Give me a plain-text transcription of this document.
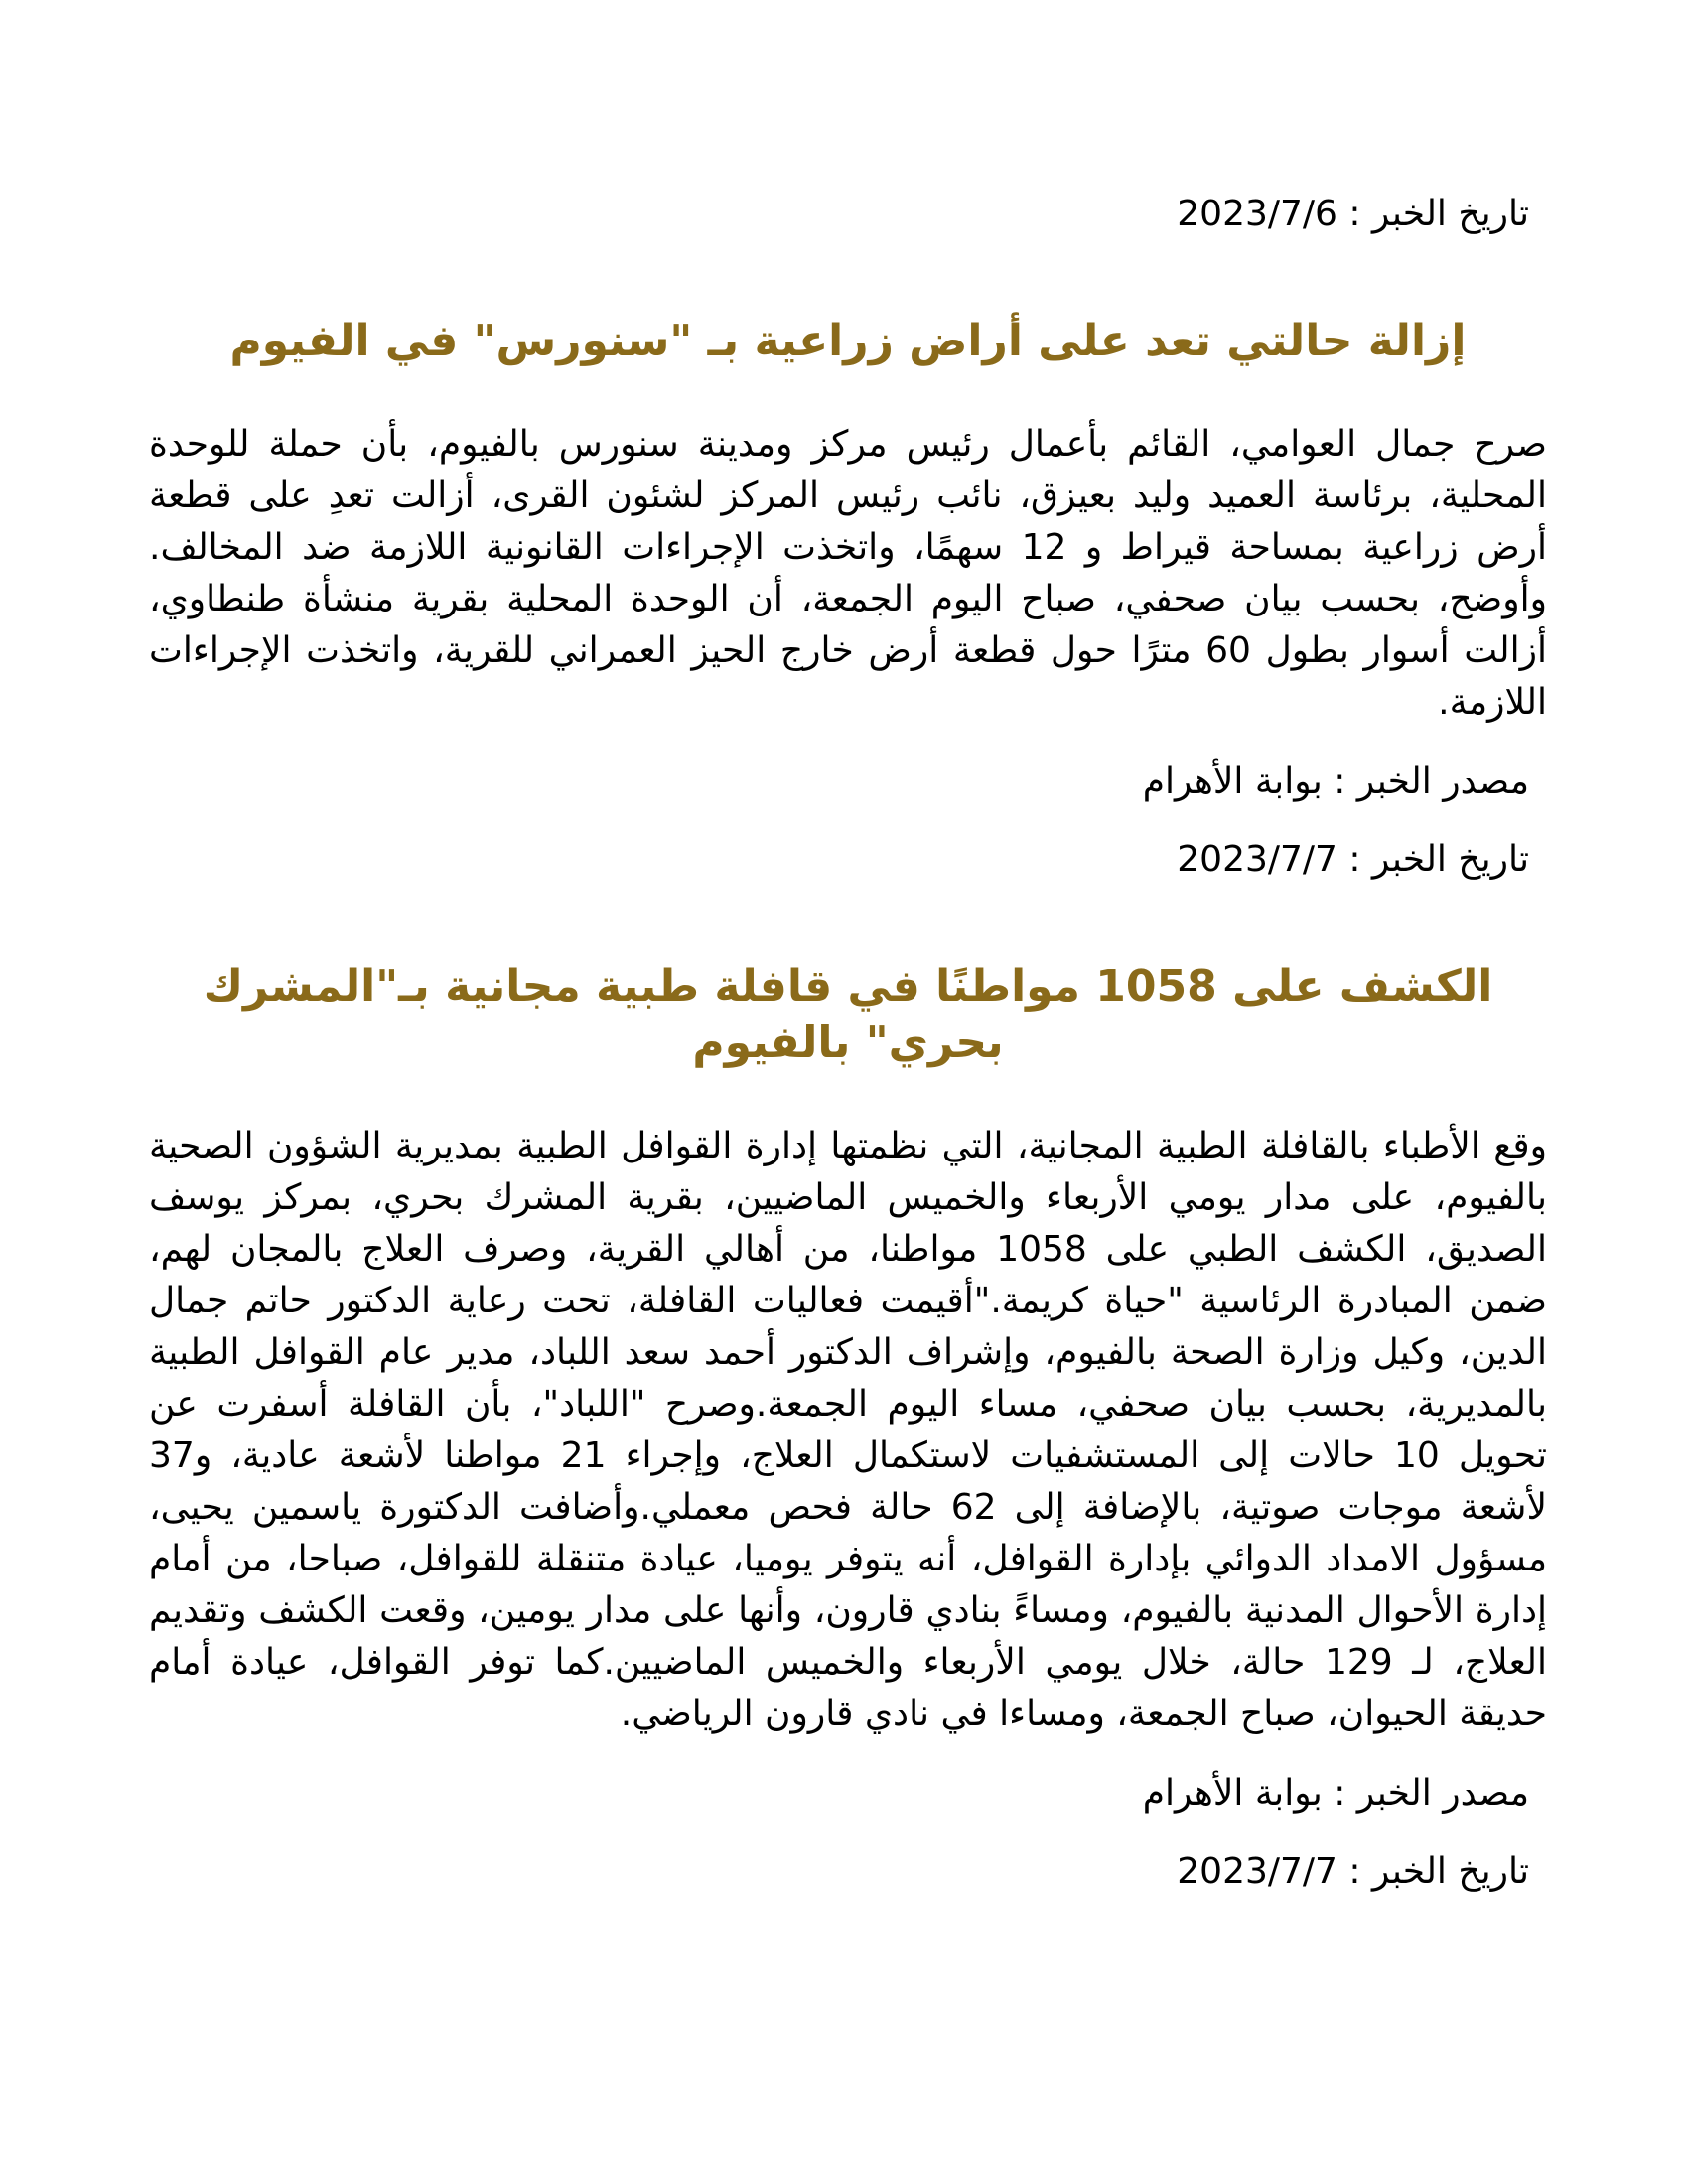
تاريخ الخبر : 2023/7/6

إزالة حالتي تعد على أراض زراعية بـ "سنورس" في الفيوم

صرح جمال العوامي، القائم بأعمال رئيس مركز ومدينة سنورس بالفيوم، بأن حملة للوحدة المحلية، برئاسة العميد وليد بعيزق، نائب رئيس المركز لشئون القرى، أزالت تعدِ على قطعة أرض زراعية بمساحة قيراط و 12 سهمًا، واتخذت الإجراءات القانونية اللازمة ضد المخالف. وأوضح، بحسب بيان صحفي، صباح اليوم الجمعة، أن الوحدة المحلية بقرية منشأة طنطاوي، أزالت أسوار بطول 60 مترًا حول قطعة أرض خارج الحيز العمراني للقرية، واتخذت الإجراءات اللازمة.

مصدر الخبر : بوابة الأهرام

تاريخ الخبر : 2023/7/7

الكشف على 1058 مواطنًا في قافلة طبية مجانية بـ"المشرك بحري" بالفيوم

وقع الأطباء بالقافلة الطبية المجانية، التي نظمتها إدارة القوافل الطبية بمديرية الشؤون الصحية بالفيوم، على مدار يومي الأربعاء والخميس الماضيين، بقرية المشرك بحري، بمركز يوسف الصديق، الكشف الطبي على 1058 مواطنا، من أهالي القرية، وصرف العلاج بالمجان لهم، ضمن المبادرة الرئاسية "حياة كريمة."أقيمت فعاليات القافلة، تحت رعاية الدكتور حاتم جمال الدين، وكيل وزارة الصحة بالفيوم، وإشراف الدكتور أحمد سعد اللباد، مدير عام القوافل الطبية بالمديرية، بحسب بيان صحفي، مساء اليوم الجمعة.وصرح "اللباد"، بأن القافلة أسفرت عن تحويل 10 حالات إلى المستشفيات لاستكمال العلاج، وإجراء 21 مواطنا لأشعة عادية، و37 لأشعة موجات صوتية، بالإضافة إلى 62 حالة فحص معملي.وأضافت الدكتورة ياسمين يحيى، مسؤول الامداد الدوائي بإدارة القوافل، أنه يتوفر يوميا، عيادة متنقلة للقوافل، صباحا، من أمام إدارة الأحوال المدنية بالفيوم، ومساءً بنادي قارون، وأنها على مدار يومين، وقعت الكشف وتقديم العلاج، لـ 129 حالة، خلال يومي الأربعاء والخميس الماضيين.كما توفر القوافل، عيادة أمام حديقة الحيوان، صباح الجمعة، ومساءا في نادي قارون الرياضي.

مصدر الخبر : بوابة الأهرام

تاريخ الخبر : 2023/7/7
